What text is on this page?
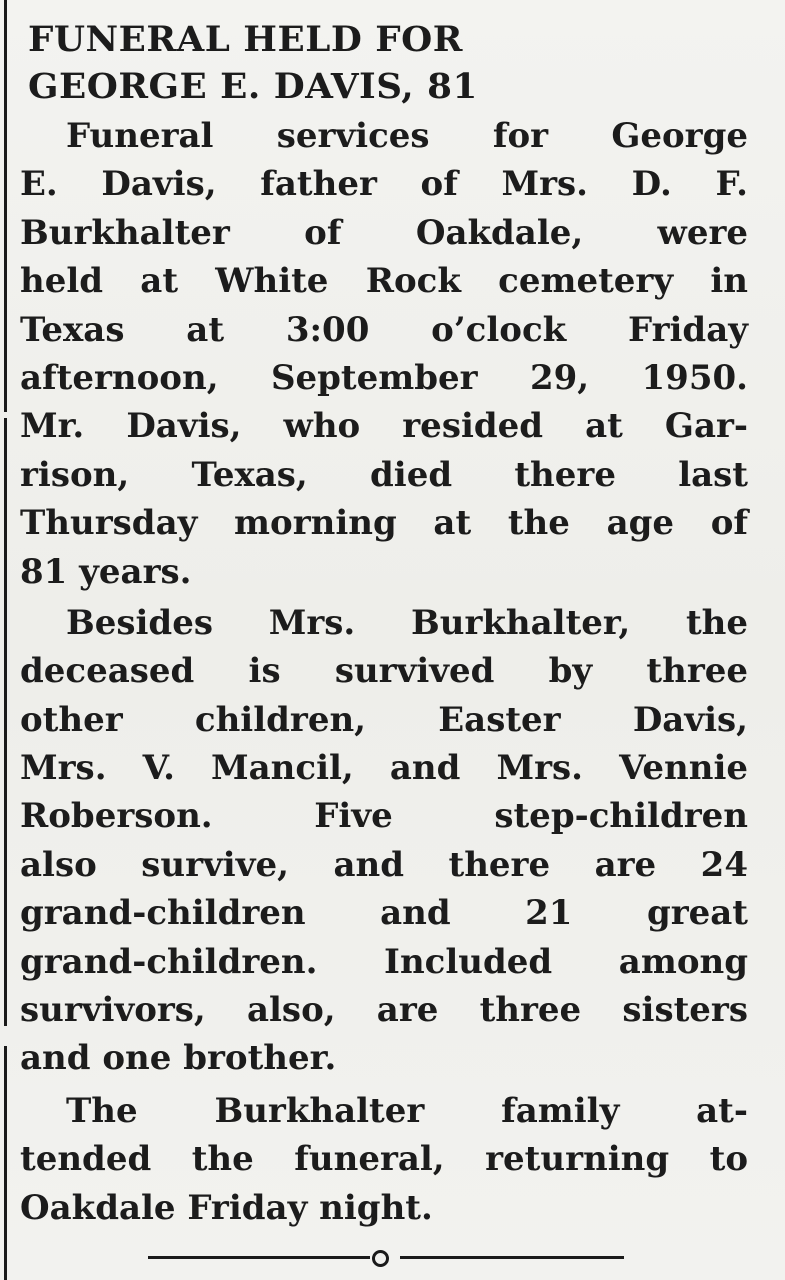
FUNERAL HELD FOR
GEORGE E. DAVIS, 81
Funeral services for George
E. Davis, father of Mrs. D. F.
Burkhalter of Oakdale, were
held at White Rock cemetery in
Texas at 3:00 o’clock Friday
afternoon, September 29, 1950.
Mr. Davis, who resided at Gar-
rison, Texas, died there last
Thursday morning at the age of
81 years.
Besides Mrs. Burkhalter, the
deceased is survived by three
other children, Easter Davis,
Mrs. V. Mancil, and Mrs. Vennie
Roberson. Five step-children
also survive, and there are 24
grand-children and 21 great
grand-children. Included among
survivors, also, are three sisters
and one brother.
The Burkhalter family at-
tended the funeral, returning to
Oakdale Friday night.
